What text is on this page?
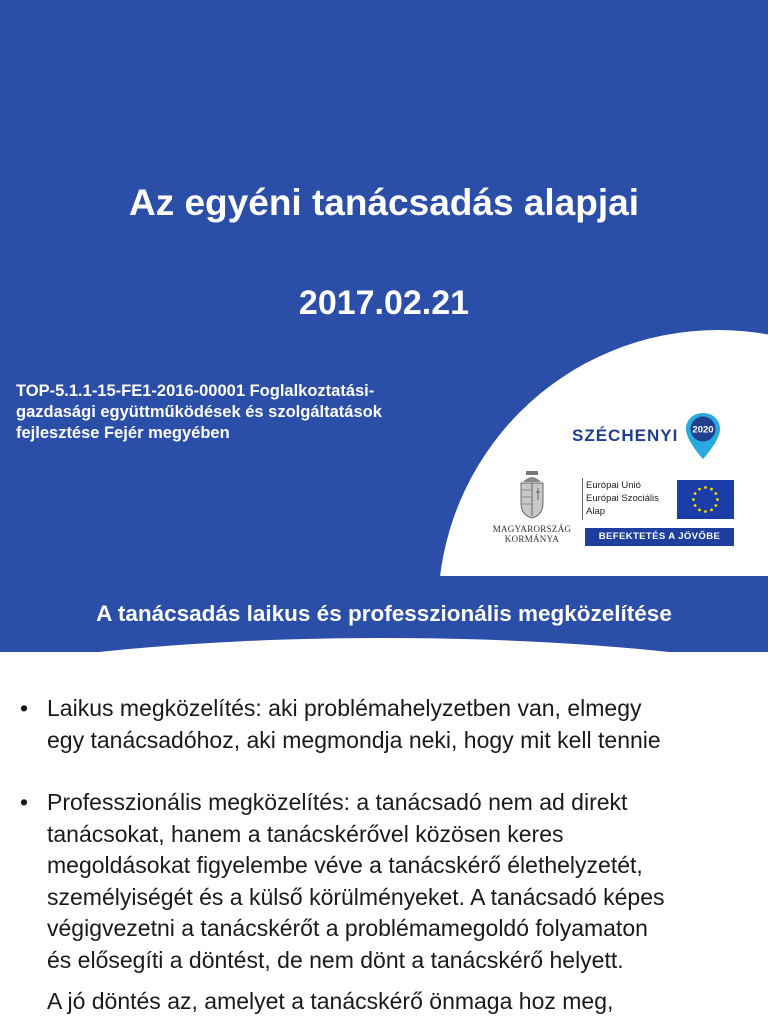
Az egyéni tanácsadás alapjai
2017.02.21

TOP-5.1.1-15-FE1-2016-00001 Foglalkoztatási-
gazdasági együttműködések és szolgáltatások
fejlesztése Fejér megyében	SZÉCHENYI 2020
MAGYARORSZÁG
KORMÁNYA
Európai Unió
Európai Szociális
Alap
BEFEKTETÉS A JÖVŐBE
A tanácsadás laikus és professzionális megközelítése
• Laikus megközelítés: aki problémahelyzetben van, elmegy
egy tanácsadóhoz, aki megmondja neki, hogy mit kell tennie
• Professzionális megközelítés: a tanácsadó nem ad direkt
tanácsokat, hanem a tanácskérővel közösen keres
megoldásokat figyelembe véve a tanácskérő élethelyzetét,
személyiségét és a külső körülményeket. A tanácsadó képes
végigvezetni a tanácskérőt a problémamegoldó folyamaton
és elősegíti a döntést, de nem dönt a tanácskérő helyett.

A jó döntés az, amelyet a tanácskérő önmaga hoz meg,
